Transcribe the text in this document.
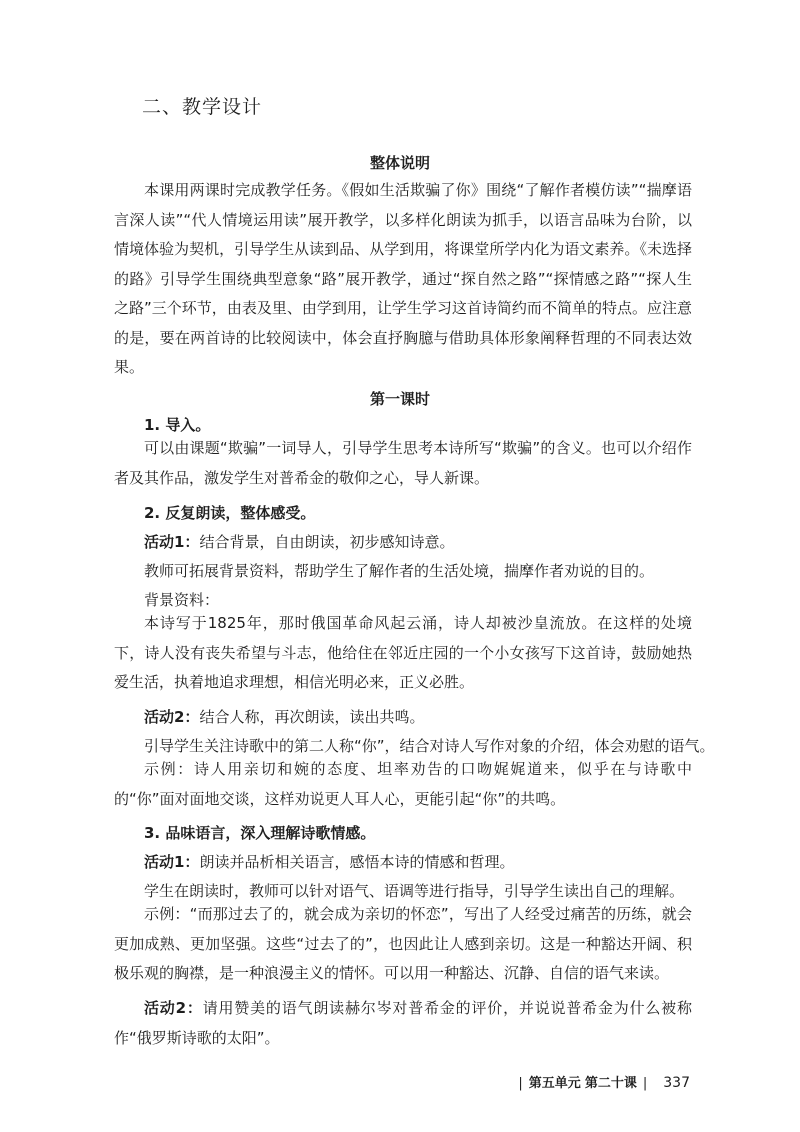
二、教学设计
整体说明

本课用两课时完成教学任务。《假如生活欺骗了你》围绕“了解作者模仿读”“揣摩语言深人读”“代人情境运用读”展开教学，以多样化朗读为抓手，以语言品味为台阶，以情境体验为契机，引导学生从读到品、从学到用，将课堂所学内化为语文素养。《未选择的路》引导学生围绕典型意象“路”展开教学，通过“探自然之路”“探情感之路”“探人生之路”三个环节，由表及里、由学到用，让学生学习这首诗简约而不简单的特点。应注意的是，要在两首诗的比较阅读中，体会直抒胸臆与借助具体形象阐释哲理的不同表达效果。

第一课时
1. 导入。

可以由课题“欺骗”一词导人，引导学生思考本诗所写“欺骗”的含义。也可以介绍作者及其作品，激发学生对普希金的敬仰之心，导人新课。

2. 反复朗读，整体感受。
活动1：结合背景，自由朗读，初步感知诗意。
教师可拓展背景资料，帮助学生了解作者的生活处境，揣摩作者劝说的目的。
背景资料：

本诗写于1825年，那时俄国革命风起云涌，诗人却被沙皇流放。在这样的处境下，诗人没有丧失希望与斗志，他给住在邻近庄园的一个小女孩写下这首诗，鼓励她热爱生活，执着地追求理想，相信光明必来，正义必胜。

活动2：结合人称，再次朗读，读出共鸣。
引导学生关注诗歌中的第二人称“你”，结合对诗人写作对象的介绍，体会劝慰的语气。

示例：诗人用亲切和婉的态度、坦率劝告的口吻娓娓道来，似乎在与诗歌中的“你”面对面地交谈，这样劝说更人耳人心，更能引起“你”的共鸣。

3. 品味语言，深入理解诗歌情感。
活动1：朗读并品析相关语言，感悟本诗的情感和哲理。
学生在朗读时，教师可以针对语气、语调等进行指导，引导学生读出自己的理解。

示例：“而那过去了的，就会成为亲切的怀恋”，写出了人经受过痛苦的历练，就会更加成熟、更加坚强。这些“过去了的”，也因此让人感到亲切。这是一种豁达开阔、积极乐观的胸襟，是一种浪漫主义的情怀。可以用一种豁达、沉静、自信的语气来读。

活动2：请用赞美的语气朗读赫尔岑对普希金的评价，并说说普希金为什么被称作“俄罗斯诗歌的太阳”。

| 第五单元 第二十课 | 337
